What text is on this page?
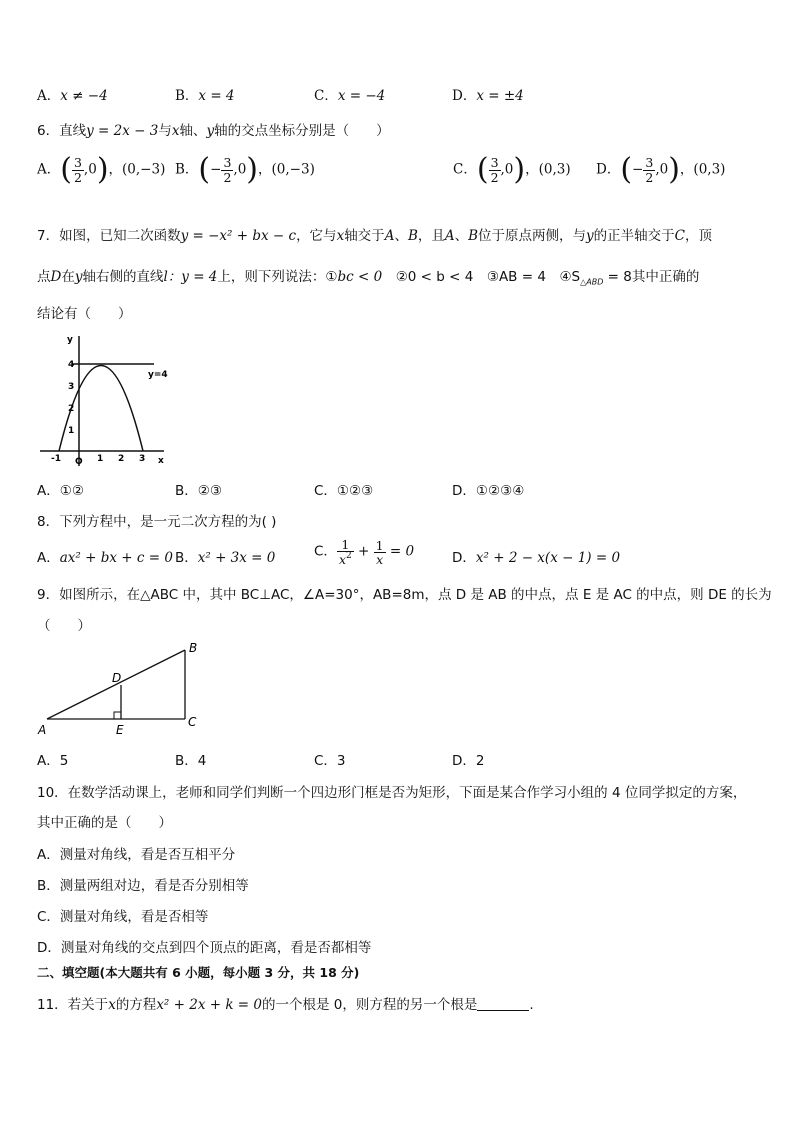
A．x ≠ −4	B．x = 4	C．x = −4	D．x = ±4
6．直线y = 2x − 3与x轴、y轴的交点坐标分别是（　　）
A．( $\frac{3}{2} ,0$)，(0,−3) B．(− $\frac{3}{2} ,0$)，(0,−3)	C．( $\frac{3}{2} ,0$)，(0,3) D．(− $\frac{3}{2} ,0$)，(0,3)
7．如图，已知二次函数y = −x² + bx − c，它与x轴交于A、B，且A、B位于原点两侧，与y的正半轴交于C，顶
点D在y轴右侧的直线l：y = 4上，则下列说法：①bc < 0　 ②0 < b < 4　 ③AB = 4　 $④S_{\triangle ABD} = 8$其中正确的
结论有（　　）
y
x
y=4
O
-1	1 2 3
1
2
3
4
A．①②	B．②③	C．①②③	D．①②③④
8．下列方程中，是一元二次方程的为( )
A．ax² + bx + c = 0 B．x² + 3x = 0	C． $\frac{1}{x^2} + \frac{1}{x} = 0$	D．x² + 2 − x(x − 1) = 0
9．如图所示，在△ABC 中，其中 BC⊥AC，∠A=30°，AB=8m，点 D 是 AB 的中点，点 E 是 AC 的中点，则 DE 的长为
（　　）
A
B
C
D
E
A．5	B．4	C．3	D．2
10．在数学活动课上，老师和同学们判断一个四边形门框是否为矩形，下面是某合作学习小组的 4 位同学拟定的方案，
其中正确的是（　　）
A．测量对角线，看是否互相平分
B．测量两组对边，看是否分别相等
C．测量对角线，看是否相等
D．测量对角线的交点到四个顶点的距离，看是否都相等
二、填空题(本大题共有 6 小题，每小题 3 分，共 18 分)
11．若关于x的方程x² + 2x + k = 0的一个根是 0，则方程的另一个根是	.
